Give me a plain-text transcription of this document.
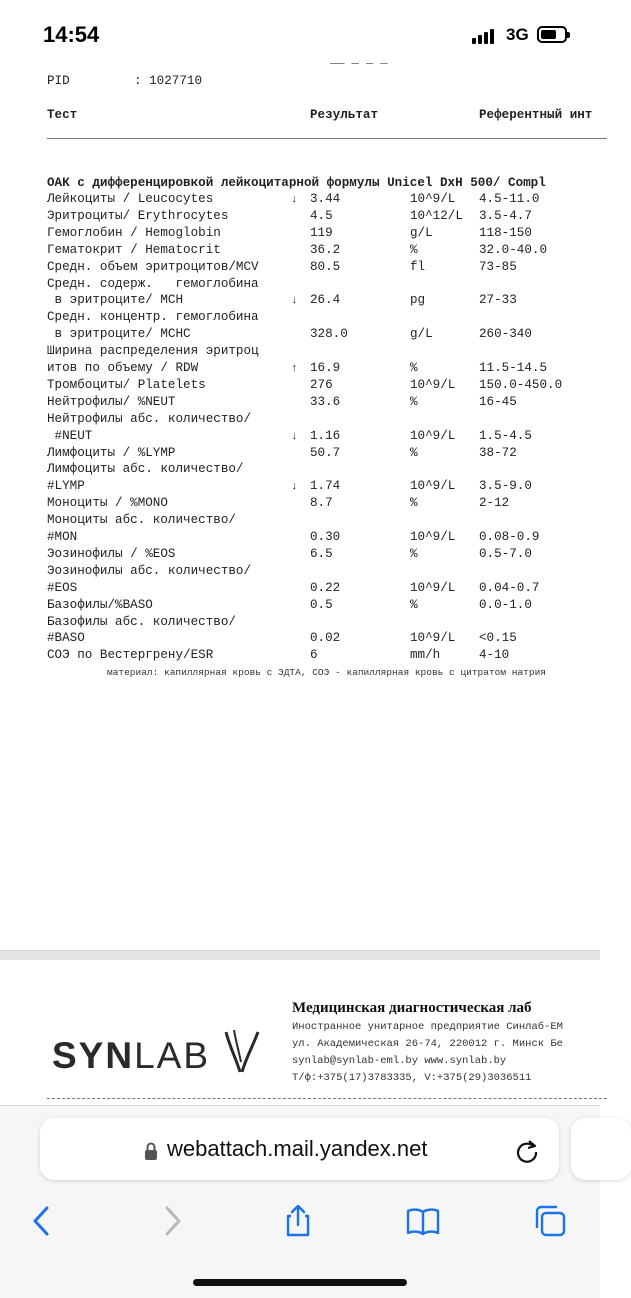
14:54	3G
‾‾ ‾ ‾ ‾
PID	: 1027710
Тест	Результат	Референтный инт
ОАК с дифференцировкой лейкоцитарной формулы Unicel DxH 500/ Compl
Лейкоциты / Leucocytes	↓ 3.44	10^9/L 4.5-11.0
Эритроциты/ Erythrocytes	4.5	10^12/L 3.5-4.7
Гемоглобин / Hemoglobin	119	g/L	118-150
Гематокрит / Hematocrit	36.2	%	32.0-40.0
Средн. объем эритроцитов/MCV	80.5	fl	73-85
Средн. содерж.   гемоглобина
в эритроците/ MCH	↓ 26.4	pg	27-33
Средн. концентр. гемоглобина
в эритроците/ MCHC	328.0	g/L	260-340
Ширина распределения эритроц
итов по объему / RDW	↑ 16.9	%	11.5-14.5
Тромбоциты/ Platelets	276	10^9/L 150.0-450.0
Нейтрофилы/ %NEUT	33.6	%	16-45
Нейтрофилы абс. количество/
#NEUT	↓ 1.16	10^9/L 1.5-4.5
Лимфоциты / %LYMP	50.7	%	38-72
Лимфоциты абс. количество/
#LYMP	↓ 1.74	10^9/L 3.5-9.0
Моноциты / %MONO	8.7	%	2-12
Моноциты абс. количество/
#MON	0.30	10^9/L 0.08-0.9
Эозинофилы / %EOS	6.5	%	0.5-7.0
Эозинофилы абс. количество/
#EOS	0.22	10^9/L 0.04-0.7
Базофилы/%BASO	0.5	%	0.0-1.0
Базофилы абс. количество/
#BASO	0.02	10^9/L <0.15
СОЭ по Вестергрену/ESR	6	mm/h	4-10
материал: капиллярная кровь с ЭДТА, СОЭ - капиллярная кровь с цитратом натрия
SYNLAB
Медицинская диагностическая лаб
Иностранное унитарное предприятие Синлаб-ЕМ
ул. Академическая 26-74, 220012 г. Минск Бе
synlab@synlab-eml.by www.synlab.by
Т/ф:+375(17)3783335, V:+375(29)3036511
webattach.mail.yandex.net
